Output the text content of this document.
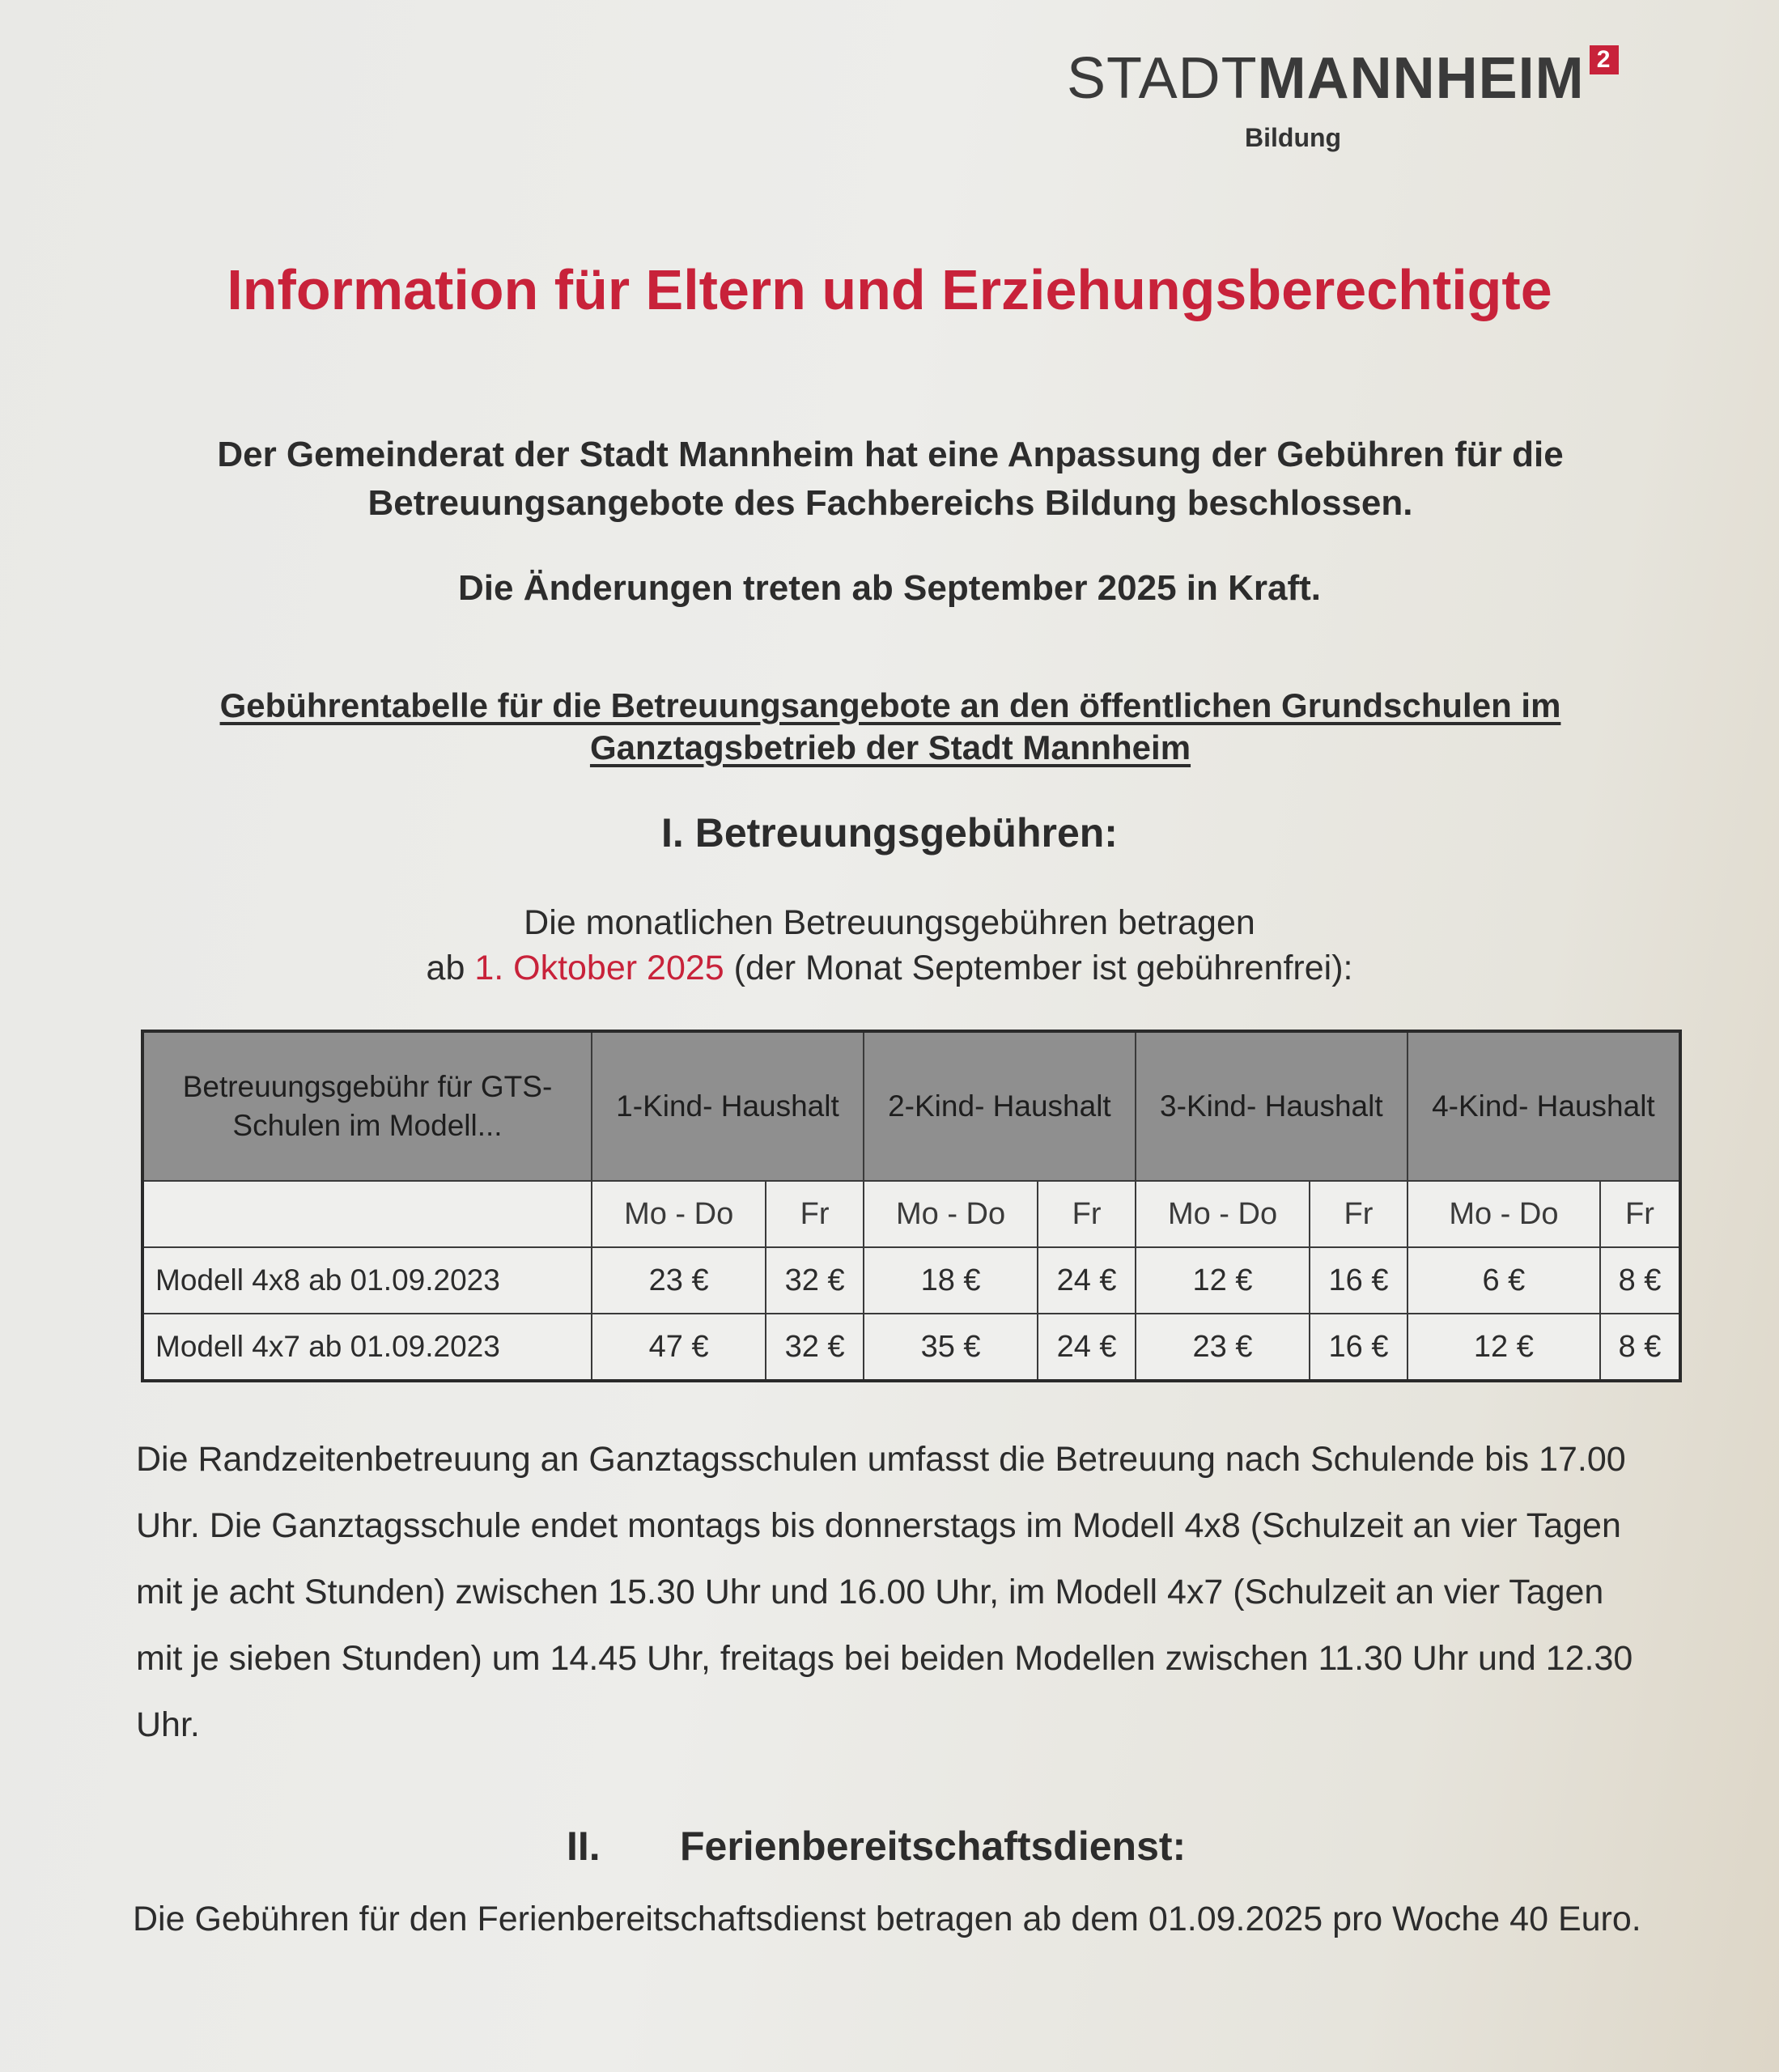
STADTMANNHEIM 2
Bildung
Information für Eltern und Erziehungsberechtigte
Der Gemeinderat der Stadt Mannheim hat eine Anpassung der Gebühren für die Betreuungsangebote des Fachbereichs Bildung beschlossen.
Die Änderungen treten ab September 2025 in Kraft.
Gebührentabelle für die Betreuungsangebote an den öffentlichen Grundschulen im Ganztagsbetrieb der Stadt Mannheim
I. Betreuungsgebühren:
Die monatlichen Betreuungsgebühren betragen
ab 1. Oktober 2025 (der Monat September ist gebührenfrei):
Betreuungsgebühr für GTS-Schulen im Modell...	1-Kind- Haushalt		2-Kind- Haushalt		3-Kind- Haushalt		4-Kind- Haushalt	
	Mo - Do	Fr	Mo - Do	Fr	Mo - Do	Fr	Mo - Do	Fr
Modell 4x8 ab 01.09.2023	23 €	32 €	18 €	24 €	12 €	16 €	6 €	8 €
Modell 4x7 ab 01.09.2023	47 €	32 €	35 €	24 €	23 €	16 €	12 €	8 €
Die Randzeitenbetreuung an Ganztagsschulen umfasst die Betreuung nach Schulende bis 17.00 Uhr. Die Ganztagsschule endet montags bis donnerstags im Modell 4x8 (Schulzeit an vier Tagen mit je acht Stunden) zwischen 15.30 Uhr und 16.00 Uhr, im Modell 4x7 (Schulzeit an vier Tagen mit je sieben Stunden) um 14.45 Uhr, freitags bei beiden Modellen zwischen 11.30 Uhr und 12.30 Uhr.
II. Ferienbereitschaftsdienst:
Die Gebühren für den Ferienbereitschaftsdienst betragen ab dem 01.09.2025 pro Woche 40 Euro.
